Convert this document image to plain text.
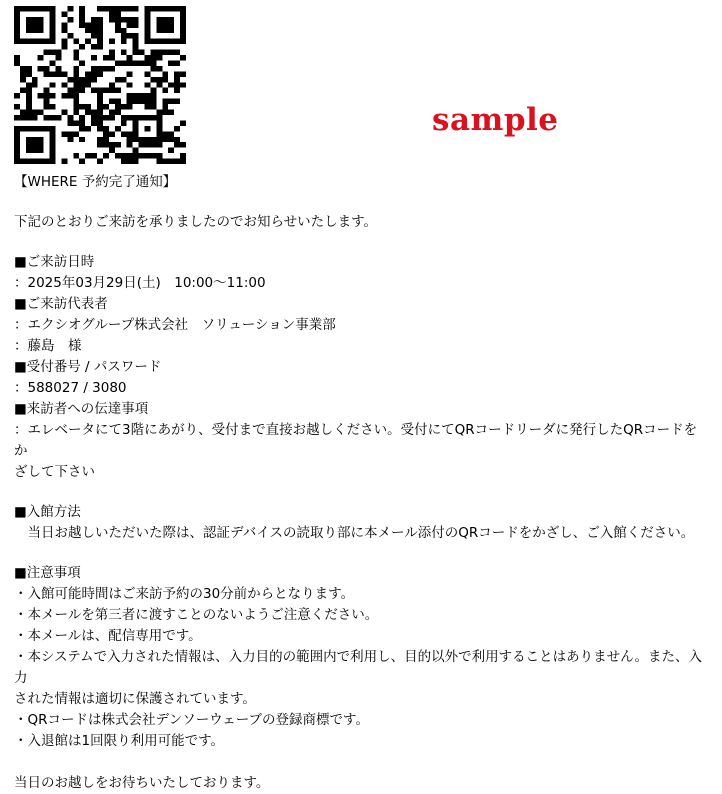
sample

【WHERE 予約完了通知】

下記のとおりご来訪を承りましたのでお知らせいたします。

■ご来訪日時

：2025年03月29日(土)　10:00〜11:00

■ご来訪代表者

：エクシオグループ株式会社　ソリューション事業部

：藤島　様

■受付番号 / パスワード

：588027 / 3080

■来訪者への伝達事項

：エレベータにて3階にあがり、受付まで直接お越しください。受付にてQRコードリーダに発行したQRコードをか

ざして下さい

■入館方法

　当日お越しいただいた際は、認証デバイスの読取り部に本メール添付のQRコードをかざし、ご入館ください。

■注意事項

・入館可能時間はご来訪予約の30分前からとなります。

・本メールを第三者に渡すことのないようご注意ください。

・本メールは、配信専用です。

・本システムで入力された情報は、入力目的の範囲内で利用し、目的以外で利用することはありません。また、入力

された情報は適切に保護されています。

・QRコードは株式会社デンソーウェーブの登録商標です。

・入退館は1回限り利用可能です。

当日のお越しをお待ちいたしております。
